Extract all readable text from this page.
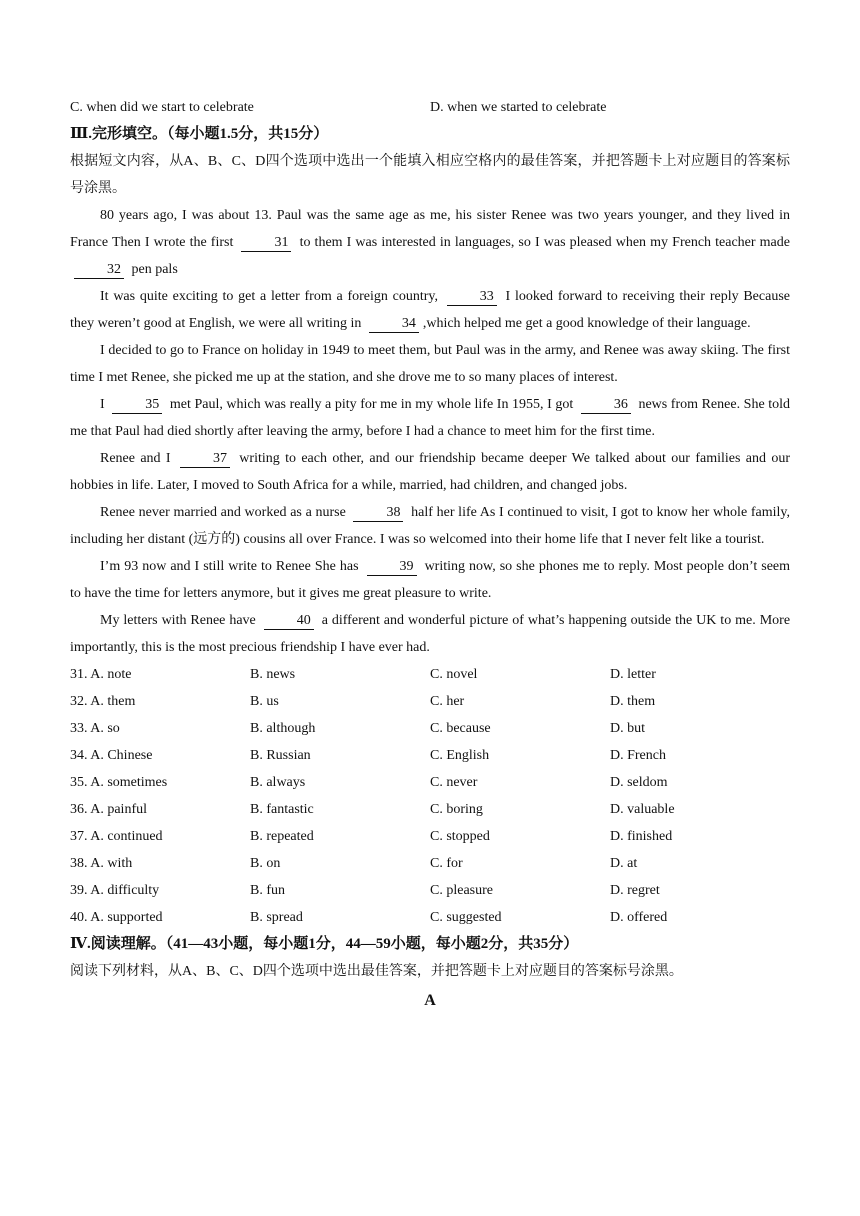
C. when did we start to celebrate	D. when we started to celebrate
Ⅲ.完形填空。（每小题1.5分，共15分）
根据短文内容，从A、B、C、D四个选项中选出一个能填入相应空格内的最佳答案，并把答题卡上对应题目的答案标号涂黑。

80 years ago, I was about 13. Paul was the same age as me, his sister Renee was two years younger, and they lived in France Then I wrote the first	31 to them I was interested in languages, so I was pleased when my French teacher made 32 pen pals

It was quite exciting to get a letter from a foreign country,	33 I looked forward to receiving their reply Because they weren’t good at English, we were all writing in	34 ,which helped me get a good knowledge of their language.

I decided to go to France on holiday in 1949 to meet them, but Paul was in the army, and Renee was away skiing. The first time I met Renee, she picked me up at the station, and she drove me to so many places of interest.

I	35 met Paul, which was really a pity for me in my whole life In 1955, I got	36 news from Renee. She told me that Paul had died shortly after leaving the army, before I had a chance to meet him for the first time.

Renee and I	37 writing to each other, and our friendship became deeper We talked about our families and our hobbies in life. Later, I moved to South Africa for a while, married, had children, and changed jobs.

Renee never married and worked as a nurse	38 half her life As I continued to visit, I got to know her whole family, including her distant (远方的) cousins all over France. I was so welcomed into their home life that I never felt like a tourist.

I’m 93 now and I still write to Renee She has	39 writing now, so she phones me to reply. Most people don’t seem to have the time for letters anymore, but it gives me great pleasure to write.

My letters with Renee have	40 a different and wonderful picture of what’s happening outside the UK to me. More importantly, this is the most precious friendship I have ever had.

31. A. note	B. news	C. novel	D. letter
32. A. them	B. us	C. her	D. them
33. A. so	B. although	C. because	D. but
34. A. Chinese	B. Russian	C. English	D. French
35. A. sometimes	B. always	C. never	D. seldom
36. A. painful	B. fantastic	C. boring	D. valuable
37. A. continued	B. repeated	C. stopped	D. finished
38. A. with	B. on	C. for	D. at
39. A. difficulty	B. fun	C. pleasure	D. regret
40. A. supported	B. spread	C. suggested	D. offered
Ⅳ.阅读理解。（41—43小题，每小题1分，44—59小题，每小题2分，共35分）
阅读下列材料，从A、B、C、D四个选项中选出最佳答案，并把答题卡上对应题目的答案标号涂黑。
A
